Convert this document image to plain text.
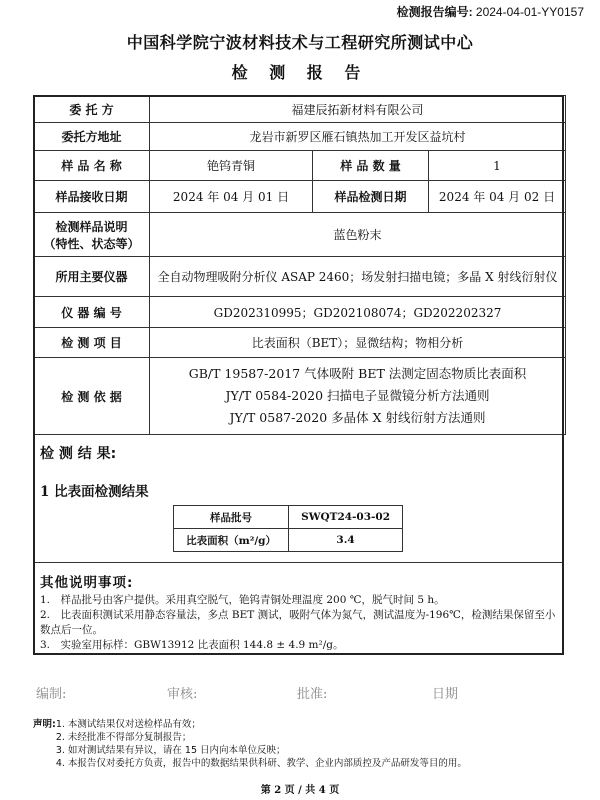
检测报告编号: 2024-04-01-YY0157
中国科学院宁波材料技术与工程研究所测试中心
检 测 报 告
委 托 方	福建辰拓新材料有限公司		
委托方地址	龙岩市新罗区雁石镇热加工开发区益坑村		
样 品 名 称	铯钨青铜	样 品 数 量	1
样品接收日期	2024 年 04 月 01 日	样品检测日期	2024 年 04 月 02 日

检测样品说明
（特性、状态等）	蓝色粉末		
所用主要仪器	全自动物理吸附分析仪 ASAP 2460；场发射扫描电镜；多晶 X 射线衍射仪		
仪 器 编 号	GD202310995；GD202108074；GD202202327		
检 测 项 目	比表面积（BET）；显微结构；物相分析		
检 测 依 据	GB/T 19587-2017 气体吸附 BET 法测定固态物质比表面积
JY/T 0584-2020 扫描电子显微镜分析方法通则
JY/T 0587-2020 多晶体 X 射线衍射方法通则		
检 测 结 果:
1 比表面检测结果
样品批号	SWQT24-03-02
比表面积（m²/g）	3.4
其他说明事项:
1.　样品批号由客户提供。采用真空脱气，铯钨青铜处理温度 200 ℃，脱气时间 5 h。
2.　比表面积测试采用静态容量法，多点 BET 测试，吸附气体为氮气，测试温度为-196℃，检测结果保留至小数点后一位。
3.　实验室用标样：GBW13912 比表面积 144.8 ± 4.9 m²/g。
编制:	审核:	批准:	日期
声明: 1. 本测试结果仅对送检样品有效；
2. 未经批准不得部分复制报告；
3. 如对测试结果有异议，请在 15 日内向本单位反映；
4. 本报告仅对委托方负责，报告中的数据结果供科研、教学、企业内部质控及产品研发等目的用。
第 2 页 / 共 4 页
